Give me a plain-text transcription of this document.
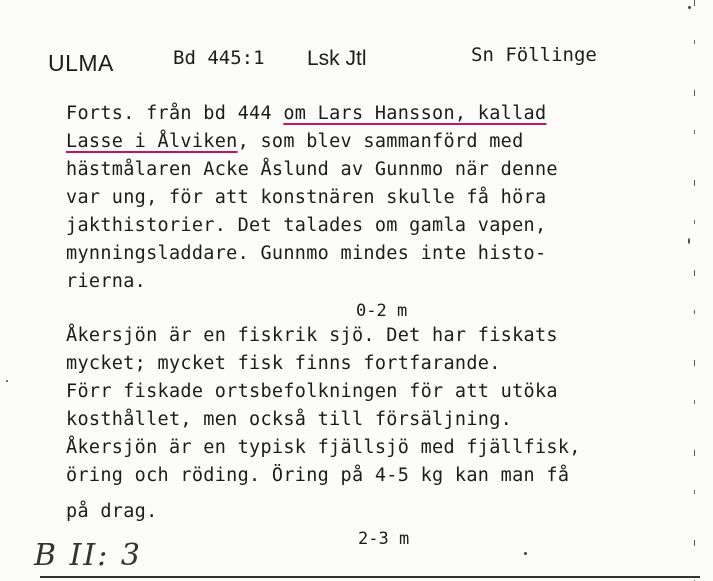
ULMA	Bd 445:1 Lsk Jtl	Sn Föllinge
Forts. från bd 444 om Lars Hansson, kallad
Lasse i Ålviken, som blev sammanförd med
hästmålaren Acke Åslund av Gunnmo när denne
var ung, för att konstnären skulle få höra
jakthistorier. Det talades om gamla vapen,
mynningsladdare. Gunnmo mindes inte histo-
rierna.
0-2 m
Åkersjön är en fiskrik sjö. Det har fiskats
mycket; mycket fisk finns fortfarande.
Förr fiskade ortsbefolkningen för att utöka
kosthållet, men också till försäljning.
Åkersjön är en typisk fjällsjö med fjällfisk,
öring och röding. Öring på 4-5 kg kan man få
på drag.
2-3 m
B II: 3
